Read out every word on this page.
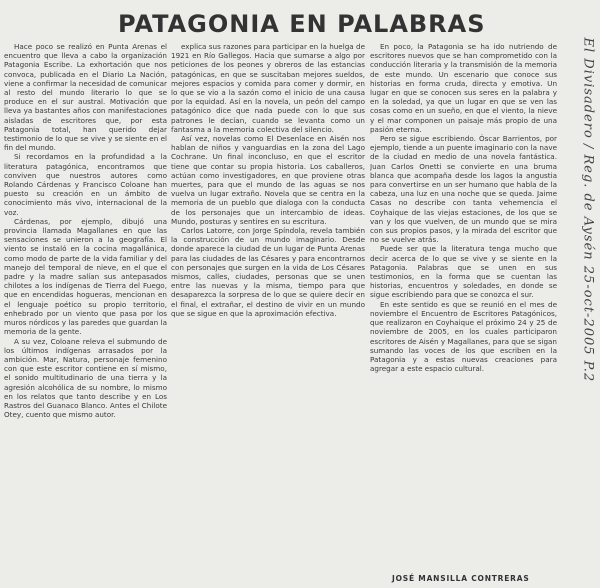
PATAGONIA EN PALABRAS

Hace poco se realizó en Punta Arenas el encuentro que lleva a cabo la organización Patagonia Escribe. La exhortación que nos convoca, publicada en el Diario La Nación, viene a confirmar la necesidad de comunicar al resto del mundo literario lo que se produce en el sur austral. Motivación que lleva ya bastantes años con manifestaciones aisladas de escritores que, por esta Patagonia total, han querido dejar testimonio de lo que se vive y se siente en el fin del mundo.

Si recordamos en la profundidad a la literatura patagónica, encontramos que conviven que nuestros autores como Rolando Cárdenas y Francisco Coloane han puesto su creación en un ámbito de conocimiento más vivo, internacional de la voz.

Cárdenas, por ejemplo, dibujó una provincia llamada Magallanes en que las sensaciones se unieron a la geografía. El viento se instaló en la cocina magallánica, como modo de parte de la vida familiar y del manejo del temporal de nieve, en el que el padre y la madre salían sus antepasados chilotes a los indígenas de Tierra del Fuego, que en encendidas hogueras, mencionan en el lenguaje poético su propio territorio, enhebrado por un viento que pasa por los muros nórdicos y las paredes que guardan la memoria de la gente.

A su vez, Coloane releva el submundo de los últimos indígenas arrasados por la ambición. Mar, Natura, personaje femenino con que este escritor contiene en sí mismo, el sonido multitudinario de una tierra y la agresión alcohólica de su nombre, lo mismo en los relatos que tanto describe y en Los Rastros del Guanaco Blanco. Antes el Chilote Otey, cuento que mismo autor.

explica sus razones para participar en la huelga de 1921 en Río Gallegos. Hacia que sumarse a algo por peticiones de los peones y obreros de las estancias patagónicas, en que se suscitaban mejores sueldos, mejores espacios y comida para comer y dormir, en lo que se vio a la sazón como el inicio de una causa por la equidad. Así en la novela, un peón del campo patagónico dice que nada puede con lo que sus patrones le decían, cuando se levanta como un fantasma a la memoria colectiva del silencio.

Así vez, novelas como El Desenlace en Aisén nos hablan de niños y vanguardias en la zona del Lago Cochrane. Un final inconcluso, en que el escritor tiene que contar su propia historia. Los caballeros, actúan como investigadores, en que proviene otras muertes, para que el mundo de las aguas se nos vuelva un lugar extraño. Novela que se centra en la memoria de un pueblo que dialoga con la conducta de los personajes que un intercambio de ideas. Mundo, posturas y sentires en su escritura.

Carlos Latorre, con Jorge Spíndola, revela también la construcción de un mundo imaginario. Desde donde aparece la ciudad de un lugar de Punta Arenas para las ciudades de las Césares y para encontrarnos con personajes que surgen en la vida de Los Césares mismos, calles, ciudades, personas que se unen entre las nuevas y la misma, tiempo para que desaparezca la sorpresa de lo que se quiere decir en el final, el extrañar, el destino de vivir en un mundo que se sigue en que la aproximación efectiva.

En poco, la Patagonia se ha ido nutriendo de escritores nuevos que se han comprometido con la conducción literaria y la transmisión de la memoria de este mundo. Un escenario que conoce sus historias en forma cruda, directa y emotiva. Un lugar en que se conocen sus seres en la palabra y en la soledad, ya que un lugar en que se ven las cosas como en un sueño, en que el viento, la nieve y el mar componen un paisaje más propio de una pasión eterna.

Pero se sigue escribiendo. Óscar Barrientos, por ejemplo, tiende a un puente imaginario con la nave de la ciudad en medio de una novela fantástica. Juan Carlos Onetti se convierte en una bruma blanca que acompaña desde los lagos la angustia para convertirse en un ser humano que habla de la cabeza, una luz en una noche que se queda. Jaime Casas no describe con tanta vehemencia el Coyhaique de las viejas estaciones, de los que se van y los que vuelven, de un mundo que se mira con sus propios pasos, y la mirada del escritor que no se vuelve atrás.

Puede ser que la literatura tenga mucho que decir acerca de lo que se vive y se siente en la Patagonia. Palabras que se unen en sus testimonios, en la forma que se cuentan las historias, encuentros y soledades, en donde se sigue escribiendo para que se conozca el sur.

En este sentido es que se reunió en el mes de noviembre el Encuentro de Escritores Patagónicos, que realizaron en Coyhaique el próximo 24 y 25 de noviembre de 2005, en los cuales participaron escritores de Aisén y Magallanes, para que se sigan sumando las voces de los que escriben en la Patagonia y a estas nuevas creaciones para agregar a este espacio cultural.

JOSÉ MANSILLA CONTRERAS
El Divisadero / Reg. de Aysén 25-oct-2005 P.2
